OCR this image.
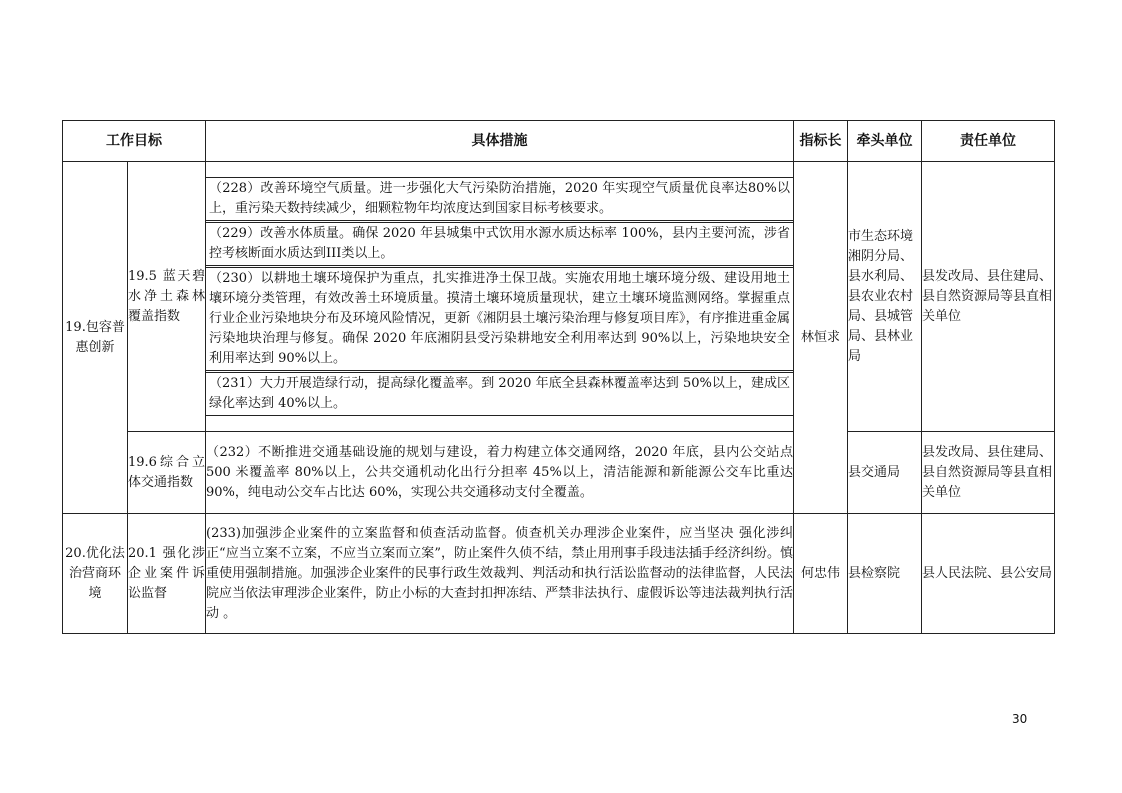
工作目标		具体措施	指标长	牵头单位	责任单位
19.包容普惠创新	19.5 蓝天碧水净土森林覆盖指数	（228）改善环境空气质量。进一步强化大气污染防治措施，2020 年实现空气质量优良率达80%以上，重污染天数持续减少，细颗粒物年均浓度达到国家目标考核要求。
（229）改善水体质量。确保 2020 年县城集中式饮用水源水质达标率 100%，县内主要河流，涉省控考核断面水质达到III类以上。
（230）以耕地土壤环境保护为重点，扎实推进净土保卫战。实施农用地土壤环境分级、建设用地土壤环境分类管理，有效改善土环境质量。摸清土壤环境质量现状，建立土壤环境监测网络。掌握重点行业企业污染地块分布及环境风险情况，更新《湘阴县土壤污染治理与修复项目库》，有序推进重金属污染地块治理与修复。确保 2020 年底湘阴县受污染耕地安全利用率达到 90%以上，污染地块安全利用率达到 90%以上。
（231）大力开展造绿行动，提高绿化覆盖率。到 2020 年底全县森林覆盖率达到 50%以上，建成区绿化率达到 40%以上。	林恒求	市生态环境湘阴分局、县水利局、县农业农村局、县城管局、县林业局	县发改局、县住建局、县自然资源局等县直相关单位
	19.6综合立体交通指数	（232）不断推进交通基础设施的规划与建设，着力构建立体交通网络，2020 年底，县内公交站点 500 米覆盖率 80%以上，公共交通机动化出行分担率 45%以上，清洁能源和新能源公交车比重达 90%，纯电动公交车占比达 60%，实现公共交通移动支付全覆盖。		县交通局	县发改局、县住建局、县自然资源局等县直相关单位
20.优化法治营商环境	20.1 强化涉企业案件诉讼监督	(233)加强涉企业案件的立案监督和侦查活动监督。侦查机关办理涉企业案件，应当坚决 强化涉纠正“应当立案不立案，不应当立案而立案”，防止案件久侦不结，禁止用刑事手段违法插手经济纠纷。慎重使用强制措施。加强涉企业案件的民事行政生效裁判、判活动和执行活讼监督动的法律监督，人民法院应当依法审理涉企业案件，防止小标的大查封扣押冻结、严禁非法执行、虚假诉讼等违法裁判执行活动 。	何忠伟	县检察院	县人民法院、县公安局
30
